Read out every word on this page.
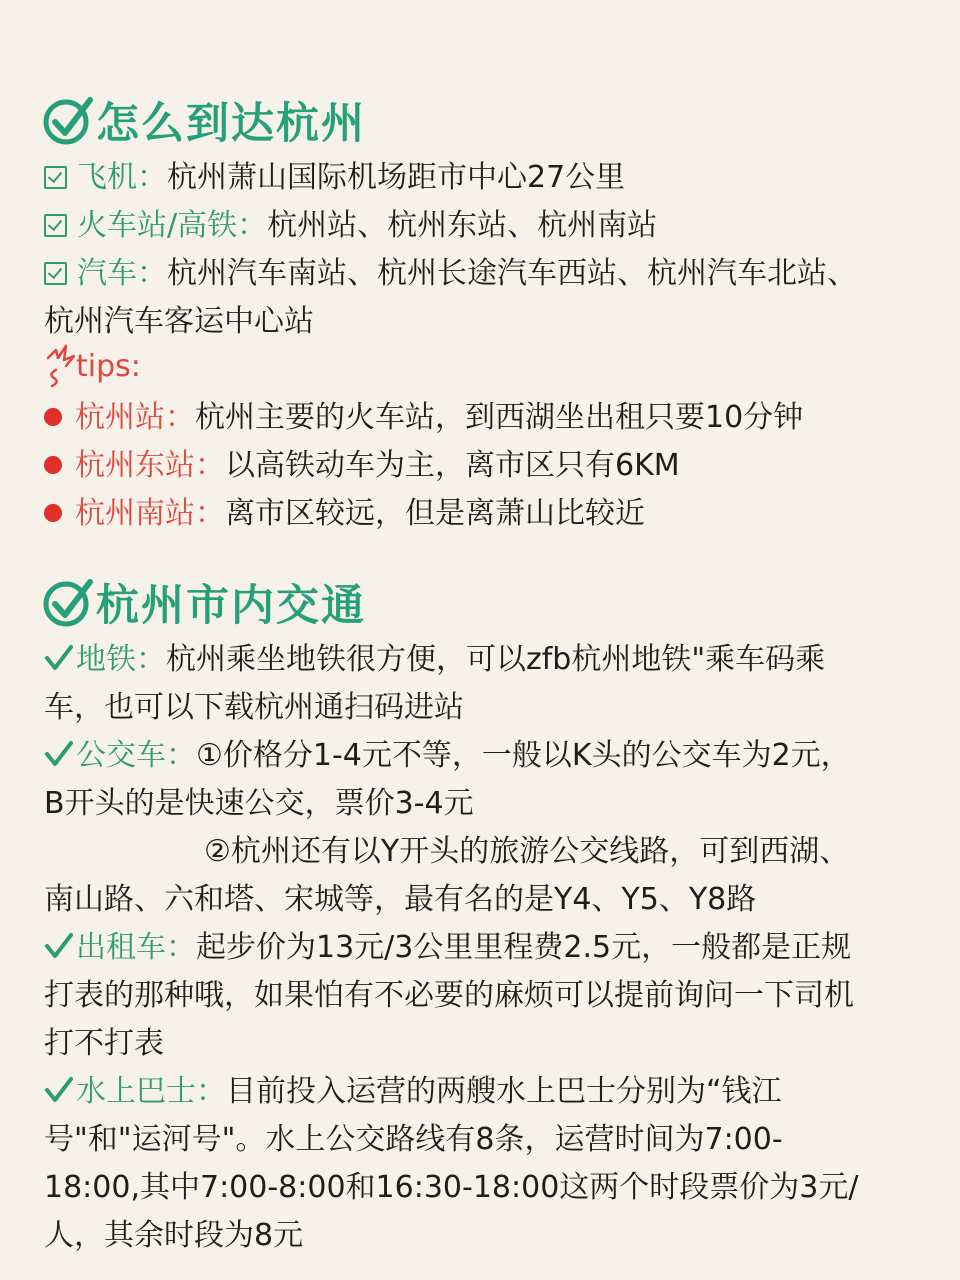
怎么到达杭州
飞机：杭州萧山国际机场距市中心27公里
火车站/高铁：杭州站、杭州东站、杭州南站
汽车：杭州汽车南站、杭州长途汽车西站、杭州汽车北站、
杭州汽车客运中心站
tips:
杭州站：杭州主要的火车站，到西湖坐出租只要10分钟
杭州东站：以高铁动车为主，离市区只有6KM
杭州南站：离市区较远，但是离萧山比较近
杭州市内交通
地铁：杭州乘坐地铁很方便，可以zfb杭州地铁"乘车码乘
车，也可以下载杭州通扫码进站
公交车：①价格分1-4元不等，一般以K头的公交车为2元，
B开头的是快速公交，票价3-4元
②杭州还有以Y开头的旅游公交线路，可到西湖、
南山路、六和塔、宋城等，最有名的是Y4、Y5、Y8路
出租车：起步价为13元/3公里里程费2.5元，一般都是正规
打表的那种哦，如果怕有不必要的麻烦可以提前询问一下司机
打不打表
水上巴士：目前投入运营的两艘水上巴士分别为“钱江
号"和"运河号"。水上公交路线有8条，运营时间为7:00-
18:00,其中7:00-8:00和16:30-18:00这两个时段票价为3元/
人，其余时段为8元
